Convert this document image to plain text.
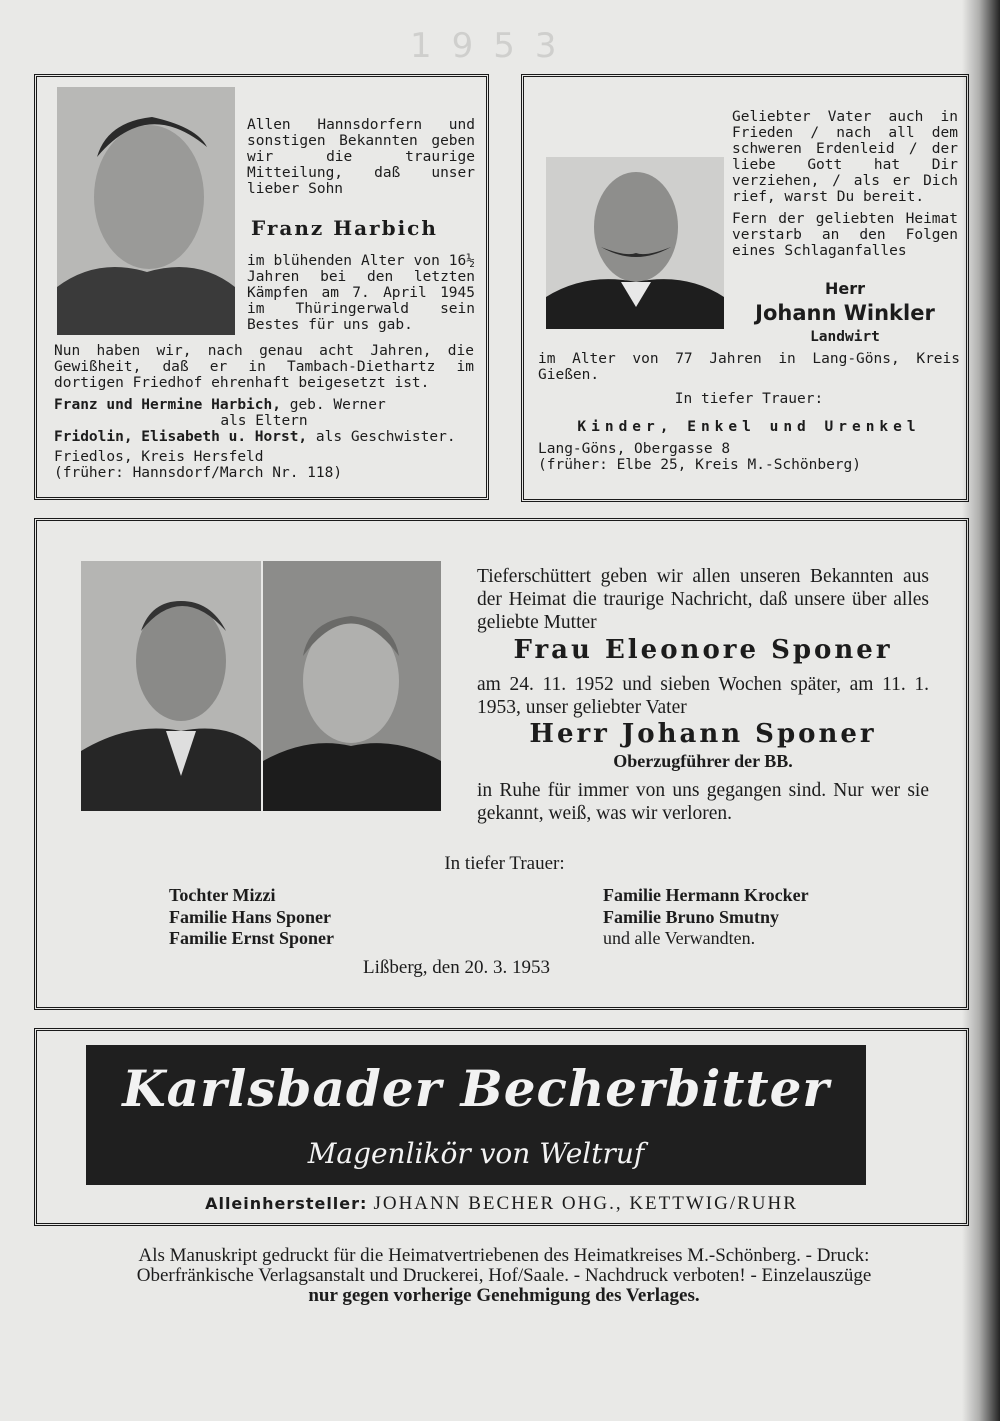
1953
Allen Hannsdorfern und sonstigen Bekannten geben wir die traurige Mitteilung, daß unser lieber Sohn
Franz Harbich
im blühenden Alter von 16½ Jahren bei den letzten Kämpfen am 7. April 1945 im Thüringerwald sein Bestes für uns gab.
Nun haben wir, nach genau acht Jahren, die Gewißheit, daß er in Tambach-Diethartz im dortigen Friedhof ehrenhaft beigesetzt ist.
Franz und Hermine Harbich, geb. Werner
als Eltern
Fridolin, Elisabeth u. Horst, als Geschwister.
Friedlos, Kreis Hersfeld
(früher: Hannsdorf/March Nr. 118)
Geliebter Vater auch in Frieden / nach all dem schweren Erdenleid / der liebe Gott hat Dir verziehen, / als er Dich rief, warst Du bereit.
Fern der geliebten Heimat verstarb an den Folgen eines Schlaganfalles
Herr
Johann Winkler
Landwirt
im Alter von 77 Jahren in Lang-Göns, Kreis Gießen.
In tiefer Trauer:
Kinder, Enkel und Urenkel
Lang-Göns, Obergasse 8
(früher: Elbe 25, Kreis M.-Schönberg)
Tieferschüttert geben wir allen unseren Bekannten aus der Heimat die traurige Nachricht, daß unsere über alles geliebte Mutter
Frau Eleonore Sponer
am 24. 11. 1952 und sieben Wochen später, am 11. 1. 1953, unser geliebter Vater
Herr Johann Sponer
Oberzugführer der BB.
in Ruhe für immer von uns gegangen sind. Nur wer sie gekannt, weiß, was wir verloren.
In tiefer Trauer:
Tochter Mizzi
Familie Hans Sponer
Familie Ernst Sponer
Familie Hermann Krocker
Familie Bruno Smutny
und alle Verwandten.
Lißberg, den 20. 3. 1953
Karlsbader Becherbitter
Magenlikör von Weltruf
Alleinhersteller: JOHANN BECHER OHG., KETTWIG/RUHR
Als Manuskript gedruckt für die Heimatvertriebenen des Heimatkreises M.-Schönberg. - Druck:
Oberfränkische Verlagsanstalt und Druckerei, Hof/Saale. - Nachdruck verboten! - Einzelauszüge
nur gegen vorherige Genehmigung des Verlages.
